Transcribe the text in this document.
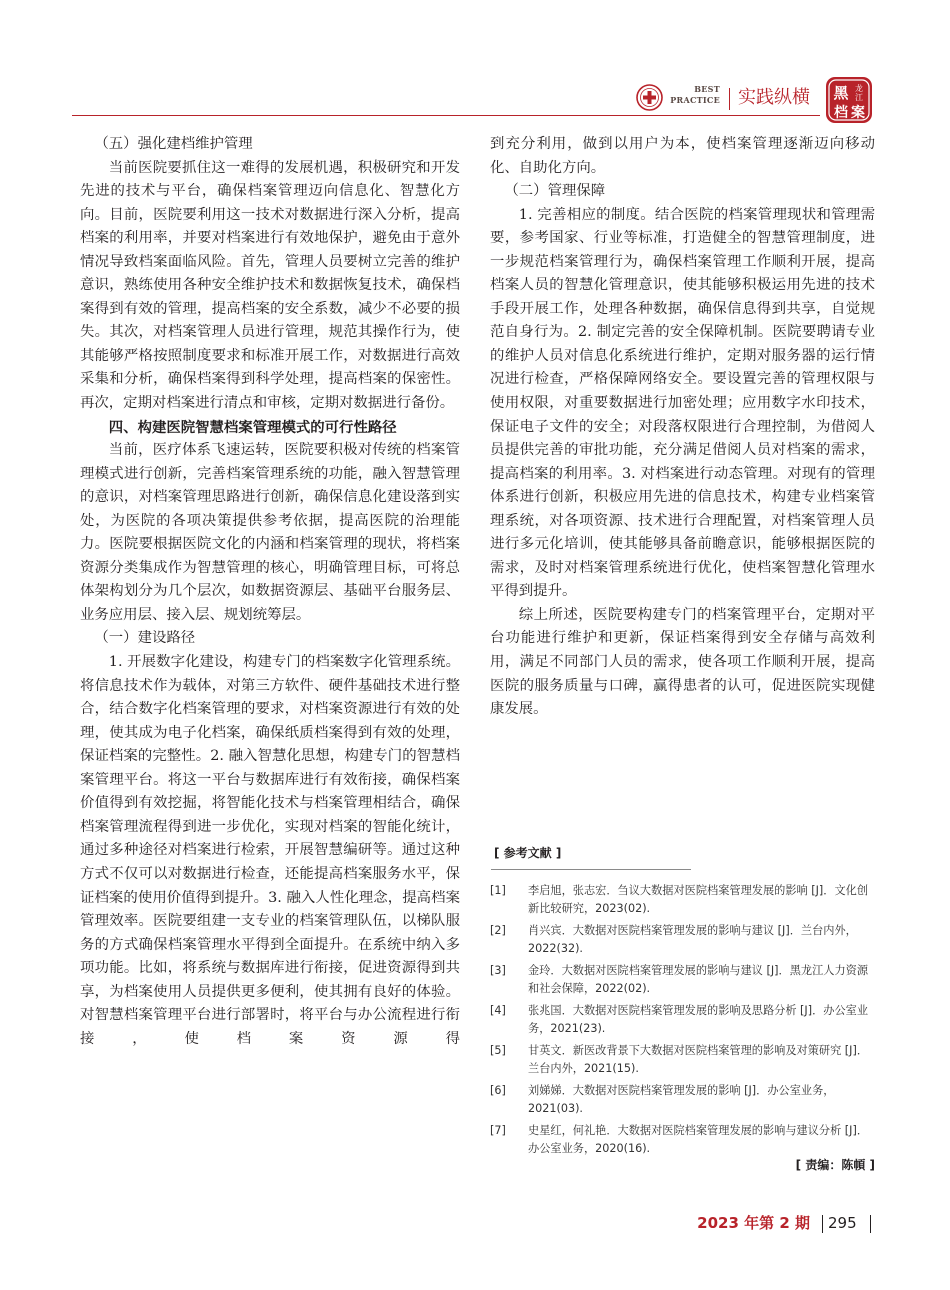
BEST
PRACTICE 实践纵横 黑 龙
江
档 案

（五）强化建档维护管理

当前医院要抓住这一难得的发展机遇，积极研究和开发先进的技术与平台，确保档案管理迈向信息化、智慧化方向。目前，医院要利用这一技术对数据进行深入分析，提高档案的利用率，并要对档案进行有效地保护，避免由于意外情况导致档案面临风险。首先，管理人员要树立完善的维护意识，熟练使用各种安全维护技术和数据恢复技术，确保档案得到有效的管理，提高档案的安全系数，减少不必要的损失。其次，对档案管理人员进行管理，规范其操作行为，使其能够严格按照制度要求和标准开展工作，对数据进行高效采集和分析，确保档案得到科学处理，提高档案的保密性。再次，定期对档案进行清点和审核，定期对数据进行备份。

四、构建医院智慧档案管理模式的可行性路径

当前，医疗体系飞速运转，医院要积极对传统的档案管理模式进行创新，完善档案管理系统的功能，融入智慧管理的意识，对档案管理思路进行创新，确保信息化建设落到实处，为医院的各项决策提供参考依据，提高医院的治理能力。医院要根据医院文化的内涵和档案管理的现状，将档案资源分类集成作为智慧管理的核心，明确管理目标，可将总体架构划分为几个层次，如数据资源层、基础平台服务层、业务应用层、接入层、规划统筹层。

（一）建设路径

1. 开展数字化建设，构建专门的档案数字化管理系统。将信息技术作为载体，对第三方软件、硬件基础技术进行整合，结合数字化档案管理的要求，对档案资源进行有效的处理，使其成为电子化档案，确保纸质档案得到有效的处理，保证档案的完整性。2. 融入智慧化思想，构建专门的智慧档案管理平台。将这一平台与数据库进行有效衔接，确保档案价值得到有效挖掘，将智能化技术与档案管理相结合，确保档案管理流程得到进一步优化，实现对档案的智能化统计，通过多种途径对档案进行检索，开展智慧编研等。通过这种方式不仅可以对数据进行检查，还能提高档案服务水平，保证档案的使用价值得到提升。3. 融入人性化理念，提高档案管理效率。医院要组建一支专业的档案管理队伍，以梯队服务的方式确保档案管理水平得到全面提升。在系统中纳入多项功能。比如，将系统与数据库进行衔接，促进资源得到共享，为档案使用人员提供更多便利，使其拥有良好的体验。对智慧档案管理平台进行部署时，将平台与办公流程进行衔接，使档案资源得

到充分利用，做到以用户为本，使档案管理逐渐迈向移动化、自助化方向。

（二）管理保障

1. 完善相应的制度。结合医院的档案管理现状和管理需要，参考国家、行业等标准，打造健全的智慧管理制度，进一步规范档案管理行为，确保档案管理工作顺利开展，提高档案人员的智慧化管理意识，使其能够积极运用先进的技术手段开展工作，处理各种数据，确保信息得到共享，自觉规范自身行为。2. 制定完善的安全保障机制。医院要聘请专业的维护人员对信息化系统进行维护，定期对服务器的运行情况进行检查，严格保障网络安全。要设置完善的管理权限与使用权限，对重要数据进行加密处理；应用数字水印技术，保证电子文件的安全；对段落权限进行合理控制，为借阅人员提供完善的审批功能，充分满足借阅人员对档案的需求，提高档案的利用率。3. 对档案进行动态管理。对现有的管理体系进行创新，积极应用先进的信息技术，构建专业档案管理系统，对各项资源、技术进行合理配置，对档案管理人员进行多元化培训，使其能够具备前瞻意识，能够根据医院的需求，及时对档案管理系统进行优化，使档案智慧化管理水平得到提升。

综上所述，医院要构建专门的档案管理平台，定期对平台功能进行维护和更新，保证档案得到安全存储与高效利用，满足不同部门人员的需求，使各项工作顺利开展，提高医院的服务质量与口碑，赢得患者的认可，促进医院实现健康发展。

[ 参考文献 ]
[1] 李启旭，张志宏．刍议大数据对医院档案管理发展的影响 [J]．文化创新比较研究，2023(02).
[2] 肖兴宾．大数据对医院档案管理发展的影响与建议 [J]．兰台内外，2022(32).
[3] 金玲．大数据对医院档案管理发展的影响与建议 [J]．黑龙江人力资源和社会保障，2022(02).
[4] 张兆国．大数据对医院档案管理发展的影响及思路分析 [J]．办公室业务，2021(23).
[5] 甘英文．新医改背景下大数据对医院档案管理的影响及对策研究 [J]．兰台内外，2021(15).
[6] 刘娣娣．大数据对医院档案管理发展的影响 [J]．办公室业务，2021(03).
[7] 史星红，何礼艳．大数据对医院档案管理发展的影响与建议分析 [J]．办公室业务，2020(16).
[ 责编：陈幁 ]
2023 年第 2 期 295
